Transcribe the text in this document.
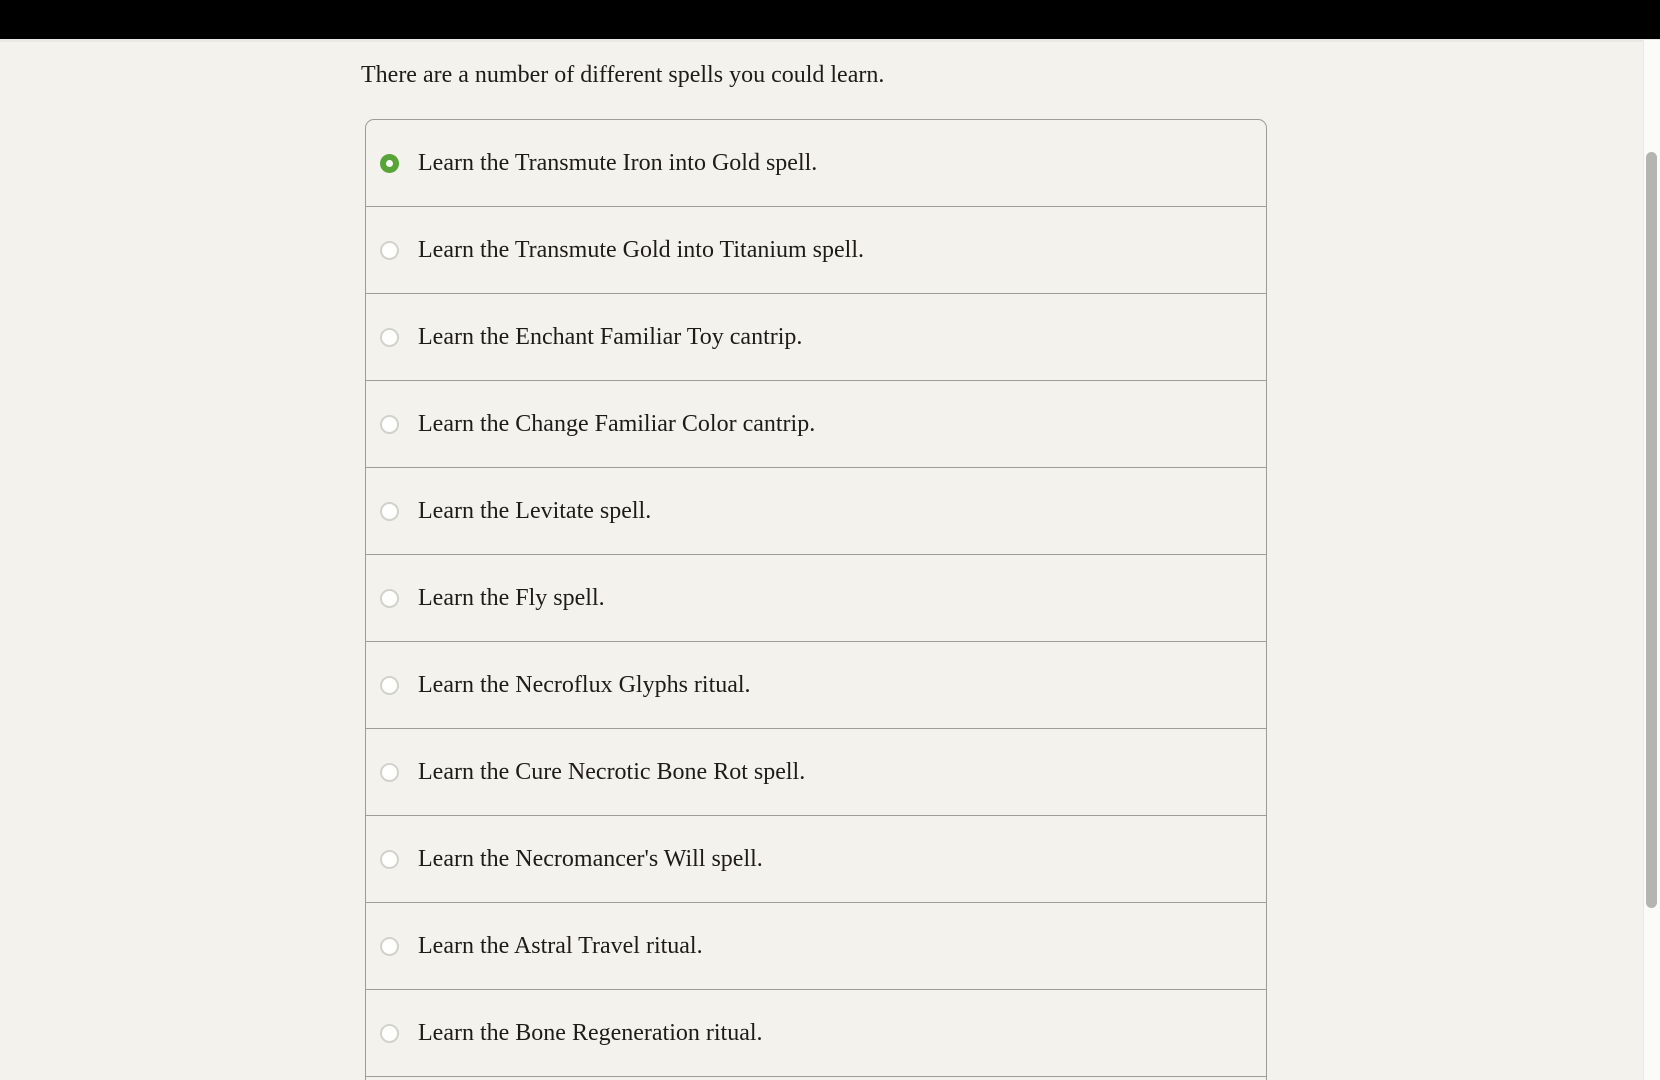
There are a number of different spells you could learn.

Learn the Transmute Iron into Gold spell.
Learn the Transmute Gold into Titanium spell.
Learn the Enchant Familiar Toy cantrip.
Learn the Change Familiar Color cantrip.
Learn the Levitate spell.
Learn the Fly spell.
Learn the Necroflux Glyphs ritual.
Learn the Cure Necrotic Bone Rot spell.
Learn the Necromancer's Will spell.
Learn the Astral Travel ritual.
Learn the Bone Regeneration ritual.
